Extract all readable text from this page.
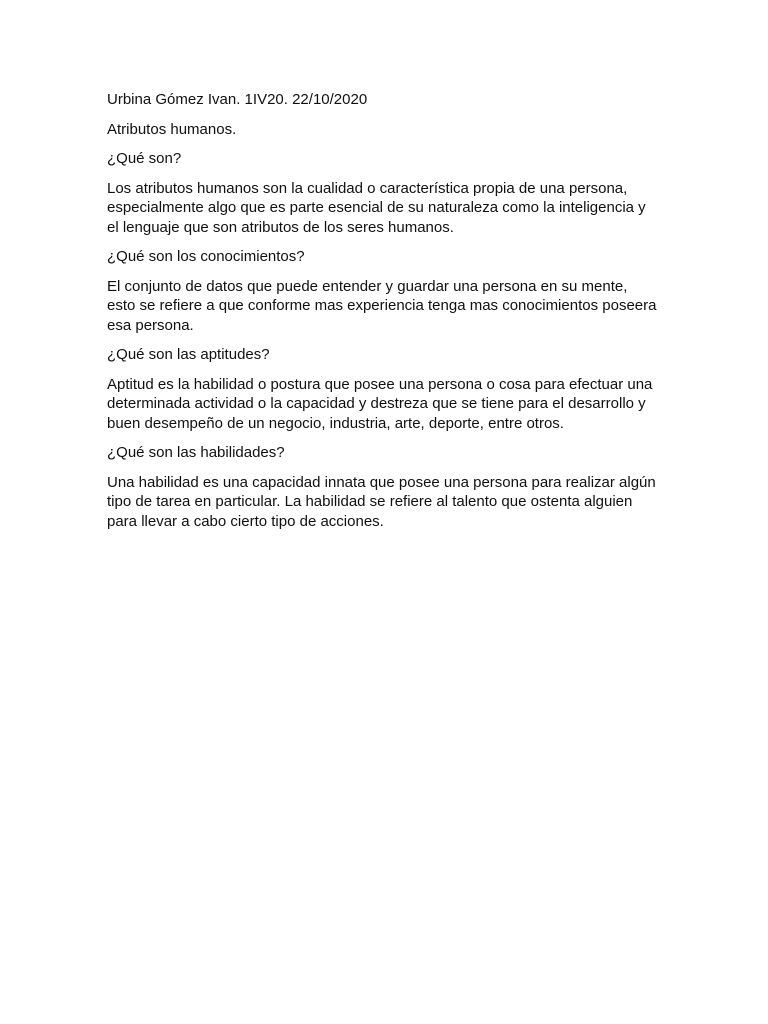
Urbina Gómez Ivan. 1IV20. 22/10/2020

Atributos humanos.

¿Qué son?

Los atributos humanos son la cualidad o característica propia de una persona,
especialmente algo que es parte esencial de su naturaleza como la inteligencia y
el lenguaje que son atributos de los seres humanos.

¿Qué son los conocimientos?

El conjunto de datos que puede entender y guardar una persona en su mente,
esto se refiere a que conforme mas experiencia tenga mas conocimientos poseera
esa persona.

¿Qué son las aptitudes?

Aptitud es la habilidad o postura que posee una persona o cosa para efectuar una
determinada actividad o la capacidad y destreza que se tiene para el desarrollo y
buen desempeño de un negocio, industria, arte, deporte, entre otros.

¿Qué son las habilidades?

Una habilidad es una capacidad innata que posee una persona para realizar algún
tipo de tarea en particular. La habilidad se refiere al talento que ostenta alguien
para llevar a cabo cierto tipo de acciones.
